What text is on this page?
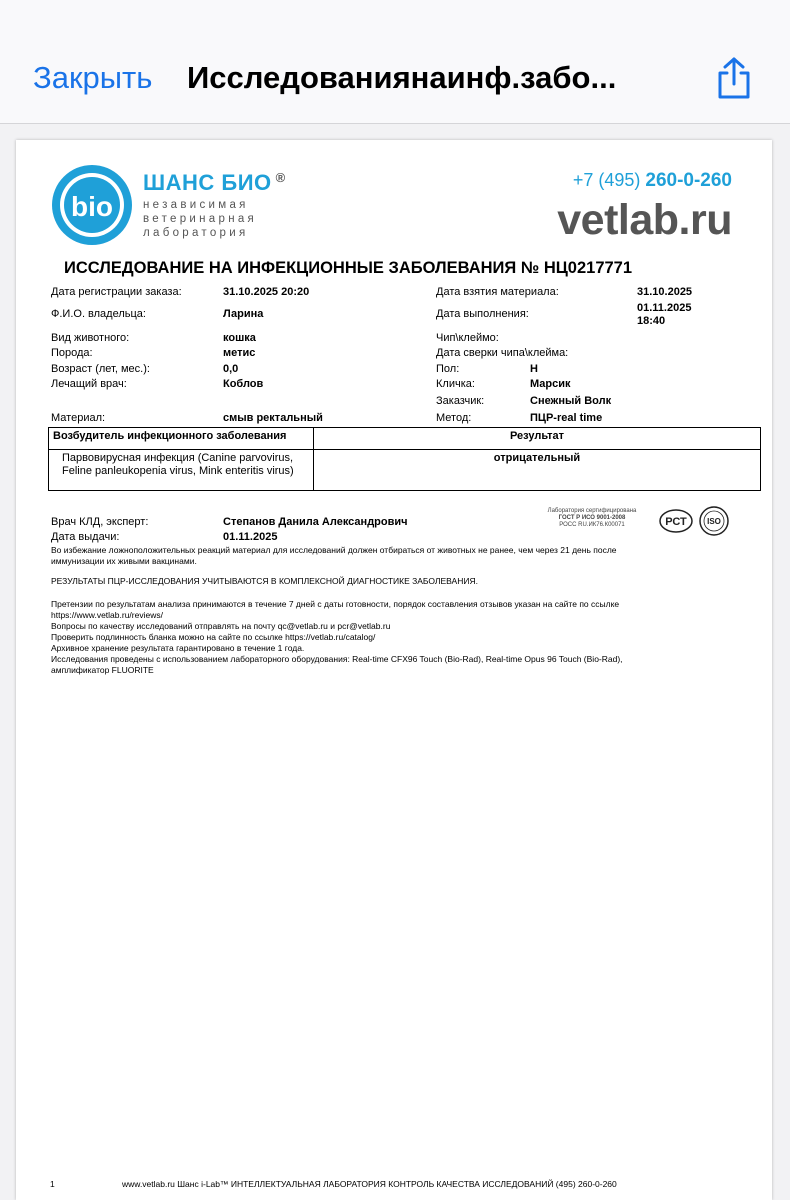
Закрыть Исследованиянаинф.забо...
bio
ШАНС БИО ®
независимая
ветеринарная
лаборатория
+7 (495) 260-0-260
vetlab.ru
ИССЛЕДОВАНИЕ НА ИНФЕКЦИОННЫЕ ЗАБОЛЕВАНИЯ № НЦ0217771
Дата регистрации заказа:	31.10.2025 20:20	Дата взятия материала:	31.10.2025
Ф.И.О. владельца:	Ларина	Дата выполнения:	01.11.2025
18:40
Вид животного:	кошка	Чип\клеймо:
Порода:	метис	Дата сверки чипа\клейма:
Возраст (лет, мес.):	0,0	Пол:	Н
Лечащий врач:	Коблов	Кличка:	Марсик
Заказчик:	Снежный Волк
Материал:	смыв ректальный	Метод:	ПЦР-real time
Возбудитель инфекционного заболевания	Результат
Парвовирусная инфекция (Canine parvovirus, Feline panleukopenia virus, Mink enteritis virus)	отрицательный
Врач КЛД, эксперт:	Степанов Данила Александрович
Дата выдачи:	01.11.2025
Лаборатория сертифицирована
ГОСТ Р ИСО 9001-2008
РОСС RU.ИК76.К00071	РСТ	ISO
Во избежание ложноположительных реакций материал для исследований должен отбираться от животных не ранее, чем через 21 день после
иммунизации их живыми вакцинами.
РЕЗУЛЬТАТЫ ПЦР-ИССЛЕДОВАНИЯ УЧИТЫВАЮТСЯ В КОМПЛЕКСНОЙ ДИАГНОСТИКЕ ЗАБОЛЕВАНИЯ.
Претензии по результатам анализа принимаются в течение 7 дней с даты готовности, порядок составления отзывов указан на сайте по ссылке
https://www.vetlab.ru/reviews/
Вопросы по качеству исследований отправлять на почту qc@vetlab.ru и pcr@vetlab.ru
Проверить подлинность бланка можно на сайте по ссылке https://vetlab.ru/catalog/
Архивное хранение результата гарантировано в течение 1 года.
Исследования проведены с использованием лабораторного оборудования: Real-time CFX96 Touch (Bio-Rad), Real-time Opus 96 Touch (Bio-Rad),
амплификатор FLUORITE
1	www.vetlab.ru Шанс i-Lab™ ИНТЕЛЛЕКТУАЛЬНАЯ ЛАБОРАТОРИЯ КОНТРОЛЬ КАЧЕСТВА ИССЛЕДОВАНИЙ (495) 260-0-260
